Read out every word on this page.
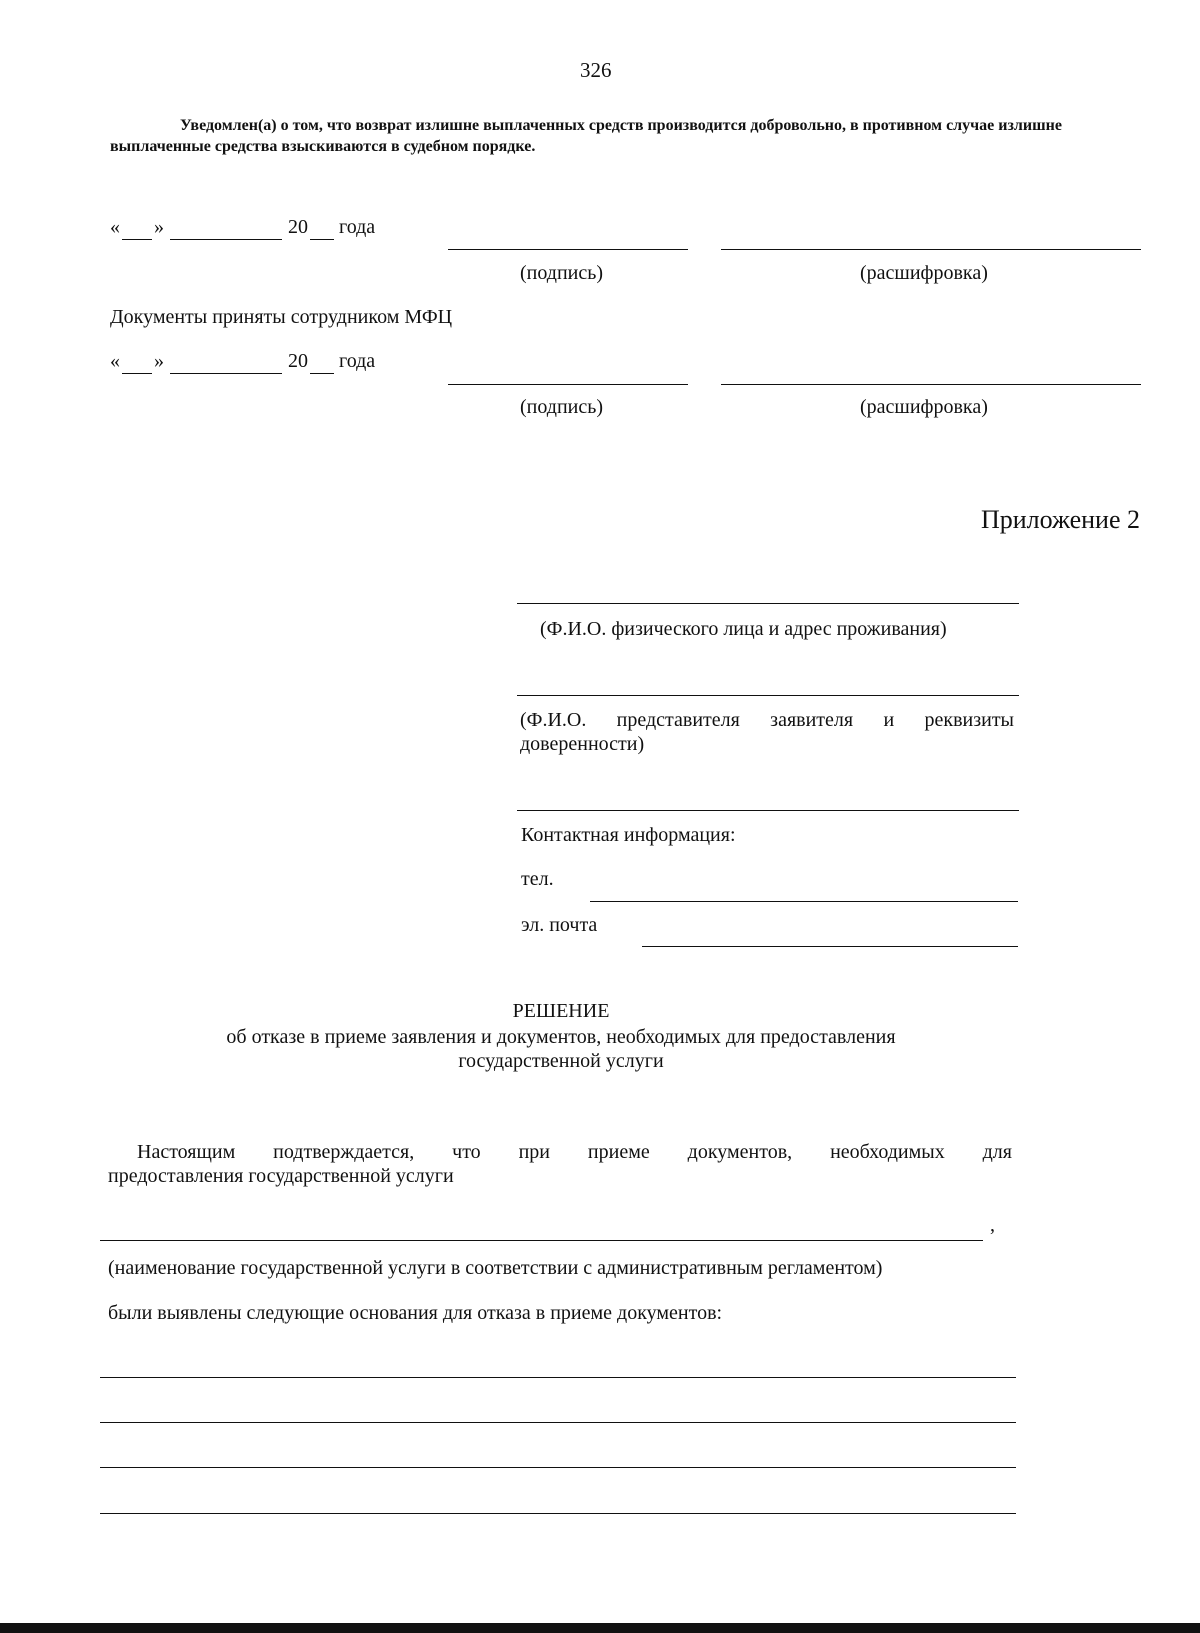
326
Уведомлен(а) о том, что возврат излишне выплаченных средств производится добровольно, в противном случае излишне
выплаченные средства взыскиваются в судебном порядке.
« »	20 года
(подпись)	(расшифровка)
Документы приняты сотрудником МФЦ
« »	20 года
(подпись)	(расшифровка)
Приложение 2
(Ф.И.О. физического лица и адрес проживания)
(Ф.И.О. представителя заявителя и реквизиты
доверенности)
Контактная информация:
тел.
эл. почта
РЕШЕНИЕ
об отказе в приеме заявления и документов, необходимых для предоставления
государственной услуги
Настоящим подтверждается, что при приеме документов, необходимых для
предоставления государственной услуги
,
(наименование государственной услуги в соответствии с административным регламентом)
были выявлены следующие основания для отказа в приеме документов:
